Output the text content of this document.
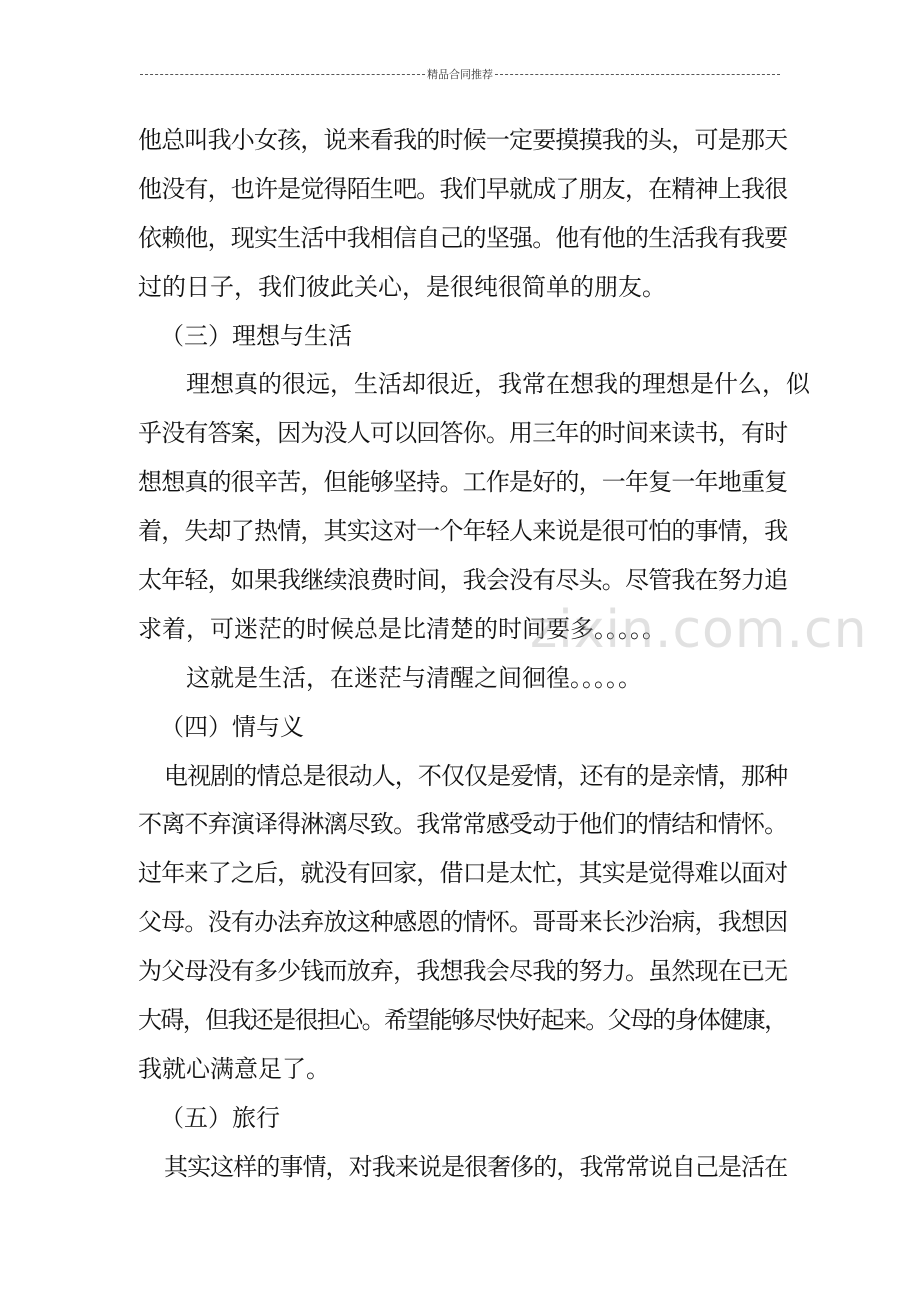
精品合同推荐
他总叫我小女孩，说来看我的时候一定要摸摸我的头，可是那天
他没有，也许是觉得陌生吧。我们早就成了朋友，在精神上我很
依赖他，现实生活中我相信自己的坚强。他有他的生活我有我要
过的日子，我们彼此关心，是很纯很简单的朋友。
（三）理想与生活
理想真的很远，生活却很近，我常在想我的理想是什么，似
乎没有答案，因为没人可以回答你。用三年的时间来读书，有时
想想真的很辛苦，但能够坚持。工作是好的，一年复一年地重复
着，失却了热情，其实这对一个年轻人来说是很可怕的事情，我
太年轻，如果我继续浪费时间，我会没有尽头。尽管我在努力追
求着，可迷茫的时候总是比清楚的时间要多。。。。。
这就是生活，在迷茫与清醒之间徊徨。。。。。
（四）情与义
电视剧的情总是很动人，不仅仅是爱情，还有的是亲情，那种
不离不弃演译得淋漓尽致。我常常感受动于他们的情结和情怀。
过年来了之后，就没有回家，借口是太忙，其实是觉得难以面对
父母。没有办法弃放这种感恩的情怀。哥哥来长沙治病，我想因
为父母没有多少钱而放弃，我想我会尽我的努力。虽然现在已无
大碍，但我还是很担心。希望能够尽快好起来。父母的身体健康，
我就心满意足了。
（五）旅行
其实这样的事情，对我来说是很奢侈的，我常常说自己是活在
zixin.com.cn
